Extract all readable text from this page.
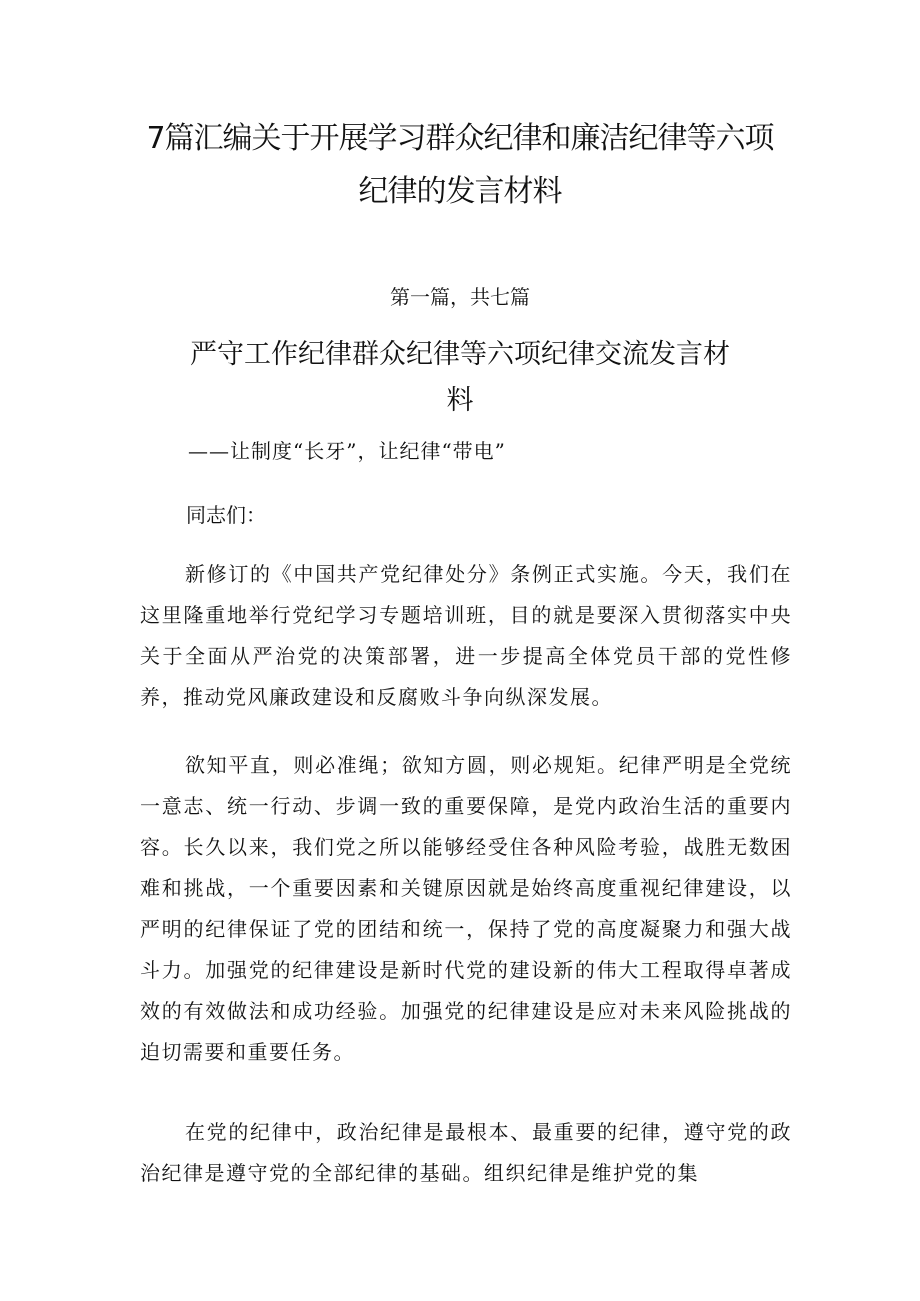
7篇汇编关于开展学习群众纪律和廉洁纪律等六项
纪律的发言材料

第一篇，共七篇

严守工作纪律群众纪律等六项纪律交流发言材
料

——让制度“长牙”，让纪律“带电”

同志们：

新修订的《中国共产党纪律处分》条例正式实施。今天，我们在这里隆重地举行党纪学习专题培训班，目的就是要深入贯彻落实中央关于全面从严治党的决策部署，进一步提高全体党员干部的党性修养，推动党风廉政建设和反腐败斗争向纵深发展。

欲知平直，则必准绳；欲知方圆，则必规矩。纪律严明是全党统一意志、统一行动、步调一致的重要保障，是党内政治生活的重要内容。长久以来，我们党之所以能够经受住各种风险考验，战胜无数困难和挑战，一个重要因素和关键原因就是始终高度重视纪律建设，以严明的纪律保证了党的团结和统一，保持了党的高度凝聚力和强大战斗力。加强党的纪律建设是新时代党的建设新的伟大工程取得卓著成效的有效做法和成功经验。加强党的纪律建设是应对未来风险挑战的迫切需要和重要任务。

在党的纪律中，政治纪律是最根本、最重要的纪律，遵守党的政治纪律是遵守党的全部纪律的基础。组织纪律是维护党的集
